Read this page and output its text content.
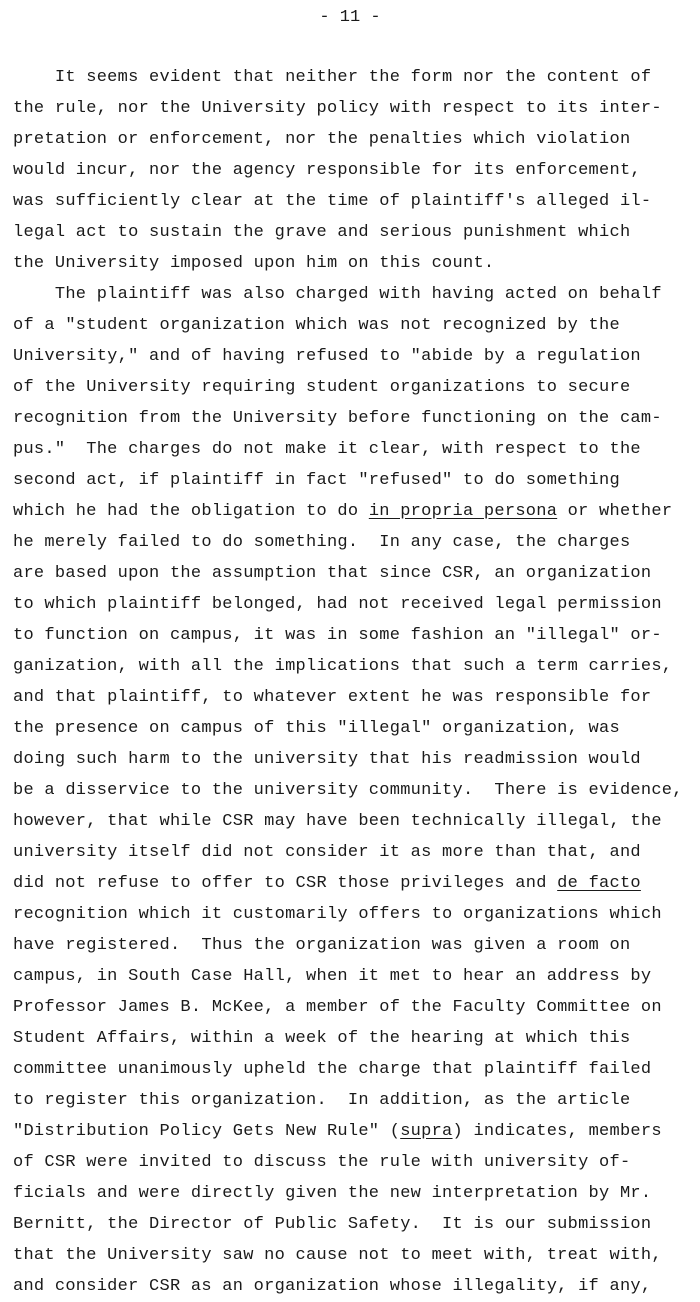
- 11 -
It seems evident that neither the form nor the content of
the rule, nor the University policy with respect to its inter-
pretation or enforcement, nor the penalties which violation
would incur, nor the agency responsible for its enforcement,
was sufficiently clear at the time of plaintiff's alleged il-
legal act to sustain the grave and serious punishment which
the University imposed upon him on this count.
The plaintiff was also charged with having acted on behalf
of a "student organization which was not recognized by the
University," and of having refused to "abide by a regulation
of the University requiring student organizations to secure
recognition from the University before functioning on the cam-
pus."  The charges do not make it clear, with respect to the
second act, if plaintiff in fact "refused" to do something
which he had the obligation to do in propria persona or whether
he merely failed to do something.  In any case, the charges
are based upon the assumption that since CSR, an organization
to which plaintiff belonged, had not received legal permission
to function on campus, it was in some fashion an "illegal" or-
ganization, with all the implications that such a term carries,
and that plaintiff, to whatever extent he was responsible for
the presence on campus of this "illegal" organization, was
doing such harm to the university that his readmission would
be a disservice to the university community.  There is evidence,
however, that while CSR may have been technically illegal, the
university itself did not consider it as more than that, and
did not refuse to offer to CSR those privileges and de facto
recognition which it customarily offers to organizations which
have registered.  Thus the organization was given a room on
campus, in South Case Hall, when it met to hear an address by
Professor James B. McKee, a member of the Faculty Committee on
Student Affairs, within a week of the hearing at which this
committee unanimously upheld the charge that plaintiff failed
to register this organization.  In addition, as the article
"Distribution Policy Gets New Rule" (supra) indicates, members
of CSR were invited to discuss the rule with university of-
ficials and were directly given the new interpretation by Mr.
Bernitt, the Director of Public Safety.  It is our submission
that the University saw no cause not to meet with, treat with,
and consider CSR as an organization whose illegality, if any,
